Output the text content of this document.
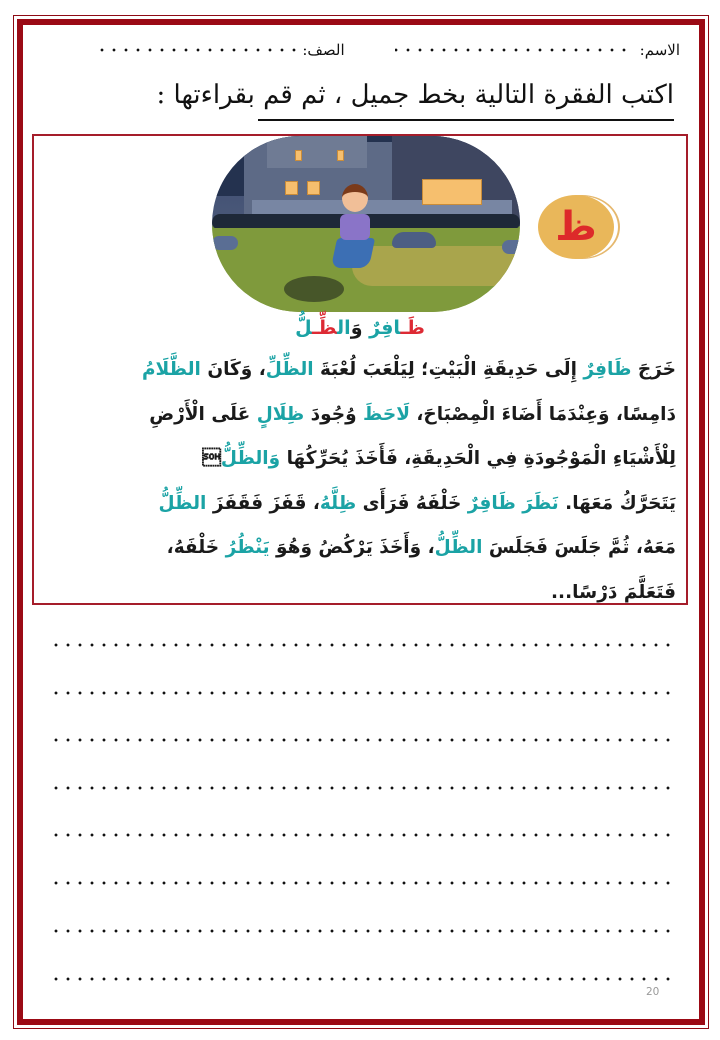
الاسم:
الصف:
اكتب الفقرة التالية بخط جميل ، ثم قم بقراءتها :
ظ
ظَـافِرٌ وَالظِّـلُّ
خَرَجَ ظَافِرٌ إِلَى حَدِيقَةِ الْبَيْتِ؛ لِيَلْعَبَ لُعْبَةَ الظِّلِّ، وَكَانَ الظَّلَامُ
دَامِسًا، وَعِنْدَمَا أَضَاءَ الْمِصْبَاحَ، لَاحَظَ وُجُودَ ظِلَالٍ عَلَى الْأَرْضِ
لِلْأَشْيَاءِ الْمَوْجُودَةِ فِي الْحَدِيقَةِ، فَأَخَذَ يُحَرِّكُهَا وَالظِّلُّ
يَتَحَرَّكُ مَعَهَا. نَظَرَ ظَافِرٌ خَلْفَهُ فَرَأَى ظِلَّهُ، قَفَزَ فَقَفَزَ الظِّلُّ
مَعَهُ، ثُمَّ جَلَسَ فَجَلَسَ الظِّلُّ، وَأَخَذَ يَرْكُضُ وَهُوَ يَنْظُرُ خَلْفَهُ،
فَتَعَلَّمَ دَرْسًا...
20
